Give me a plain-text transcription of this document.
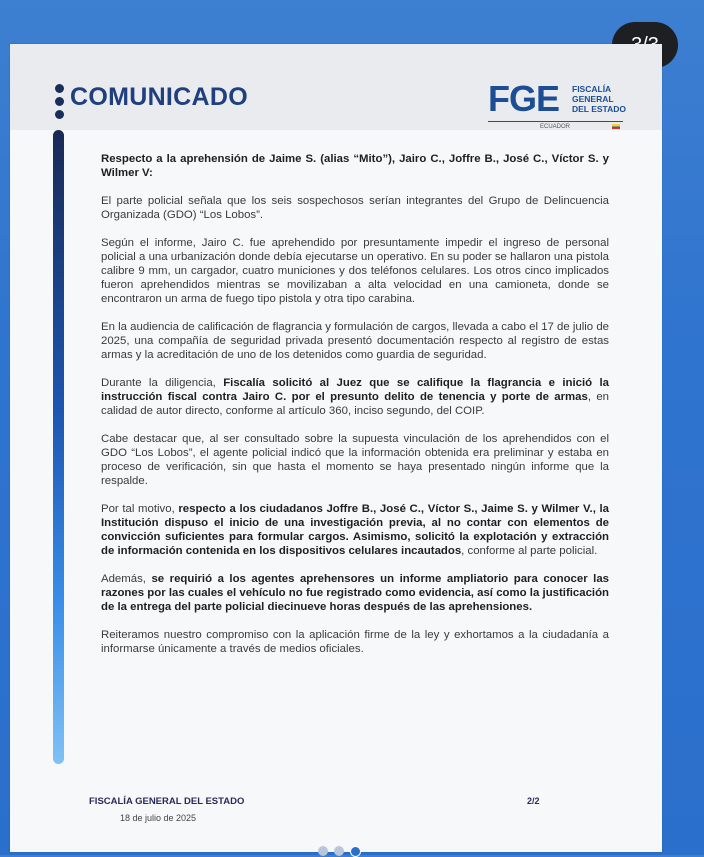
COMUNICADO	FGE FISCALÍA
GENERAL
DEL ESTADO
ECUADOR

Respecto a la aprehensión de Jaime S. (alias “Mito”), Jairo C., Joffre B., José C., Víctor S. y Wilmer V:

El parte policial señala que los seis sospechosos serían integrantes del Grupo de Delincuencia Organizada (GDO) “Los Lobos”.

Según el informe, Jairo C. fue aprehendido por presuntamente impedir el ingreso de personal policial a una urbanización donde debía ejecutarse un operativo. En su poder se hallaron una pistola calibre 9 mm, un cargador, cuatro municiones y dos teléfonos celulares. Los otros cinco implicados fueron aprehendidos mientras se movilizaban a alta velocidad en una camioneta, donde se encontraron un arma de fuego tipo pistola y otra tipo carabina.

En la audiencia de calificación de flagrancia y formulación de cargos, llevada a cabo el 17 de julio de 2025, una compañía de seguridad privada presentó documentación respecto al registro de estas armas y la acreditación de uno de los detenidos como guardia de seguridad.

Durante la diligencia, Fiscalía solicitó al Juez que se califique la flagrancia e inició la instrucción fiscal contra Jairo C. por el presunto delito de tenencia y porte de armas, en calidad de autor directo, conforme al artículo 360, inciso segundo, del COIP.

Cabe destacar que, al ser consultado sobre la supuesta vinculación de los aprehendidos con el GDO “Los Lobos”, el agente policial indicó que la información obtenida era preliminar y estaba en proceso de verificación, sin que hasta el momento se haya presentado ningún informe que la respalde.

Por tal motivo, respecto a los ciudadanos Joffre B., José C., Víctor S., Jaime S. y Wilmer V., la Institución dispuso el inicio de una investigación previa, al no contar con elementos de convicción suficientes para formular cargos. Asimismo, solicitó la explotación y extracción de información contenida en los dispositivos celulares incautados, conforme al parte policial.

Además, se requirió a los agentes aprehensores un informe ampliatorio para conocer las razones por las cuales el vehículo no fue registrado como evidencia, así como la justificación de la entrega del parte policial diecinueve horas después de las aprehensiones.

Reiteramos nuestro compromiso con la aplicación firme de la ley y exhortamos a la ciudadanía a informarse únicamente a través de medios oficiales.

FISCALÍA GENERAL DEL ESTADO
18 de julio de 2025
2/2
